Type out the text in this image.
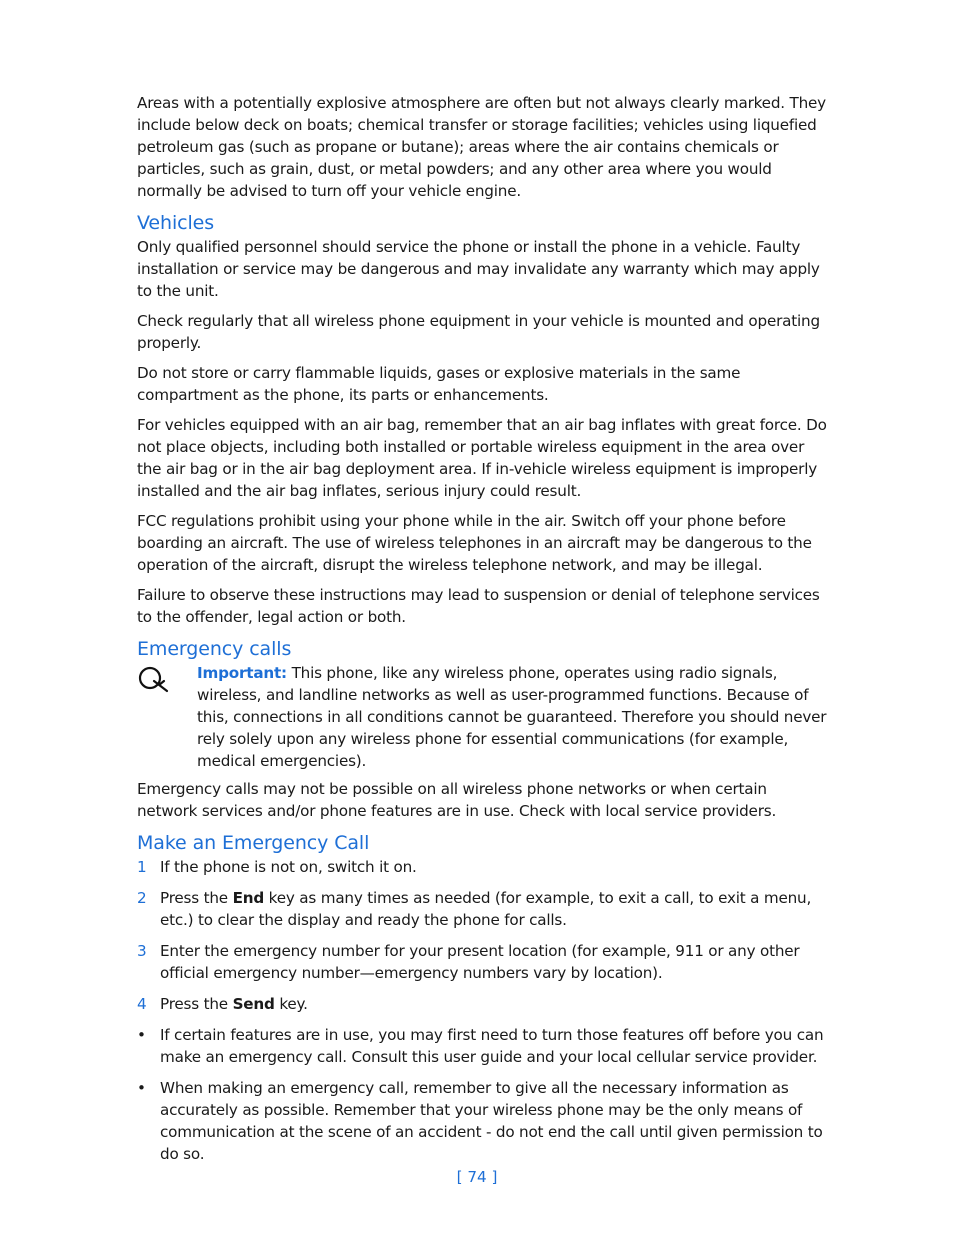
Areas with a potentially explosive atmosphere are often but not always clearly marked. They include below deck on boats; chemical transfer or storage facilities; vehicles using liquefied petroleum gas (such as propane or butane); areas where the air contains chemicals or particles, such as grain, dust, or metal powders; and any other area where you would normally be advised to turn off your vehicle engine.

Vehicles

Only qualified personnel should service the phone or install the phone in a vehicle. Faulty installation or service may be dangerous and may invalidate any warranty which may apply to the unit.

Check regularly that all wireless phone equipment in your vehicle is mounted and operating properly.

Do not store or carry flammable liquids, gases or explosive materials in the same compartment as the phone, its parts or enhancements.

For vehicles equipped with an air bag, remember that an air bag inflates with great force. Do not place objects, including both installed or portable wireless equipment in the area over the air bag or in the air bag deployment area. If in-vehicle wireless equipment is improperly installed and the air bag inflates, serious injury could result.

FCC regulations prohibit using your phone while in the air. Switch off your phone before boarding an aircraft. The use of wireless telephones in an aircraft may be dangerous to the operation of the aircraft, disrupt the wireless telephone network, and may be illegal.

Failure to observe these instructions may lead to suspension or denial of telephone services to the offender, legal action or both.

Emergency calls
Important: This phone, like any wireless phone, operates using radio signals, wireless, and landline networks as well as user-programmed functions. Because of this, connections in all conditions cannot be guaranteed. Therefore you should never rely solely upon any wireless phone for essential communications (for example, medical emergencies).

Emergency calls may not be possible on all wireless phone networks or when certain network services and/or phone features are in use. Check with local service providers.

Make an Emergency Call
1 If the phone is not on, switch it on.
2 Press the End key as many times as needed (for example, to exit a call, to exit a menu, etc.) to clear the display and ready the phone for calls.
3 Enter the emergency number for your present location (for example, 911 or any other official emergency number—emergency numbers vary by location).
4 Press the Send key.
• If certain features are in use, you may first need to turn those features off before you can make an emergency call. Consult this user guide and your local cellular service provider.
• When making an emergency call, remember to give all the necessary information as accurately as possible. Remember that your wireless phone may be the only means of communication at the scene of an accident - do not end the call until given permission to do so.
[ 74 ]
